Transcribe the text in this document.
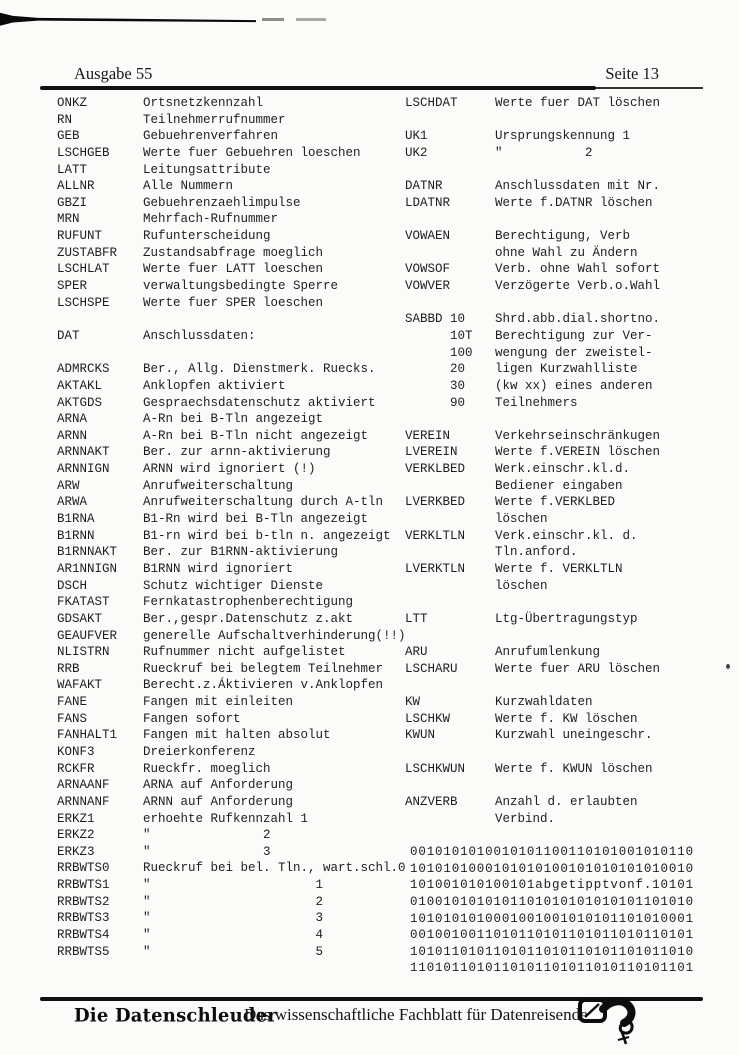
Ausgabe 55	Seite 13
ONKZ	Ortsnetzkennzahl
RN	Teilnehmerrufnummer
GEB	Gebuehrenverfahren
LSCHGEB	Werte fuer Gebuehren loeschen
LATT	Leitungsattribute
ALLNR	Alle Nummern
GBZI	Gebuehrenzaehlimpulse
MRN	Mehrfach-Rufnummer
RUFUNT	Rufunterscheidung
ZUSTABFR	Zustandsabfrage moeglich
LSCHLAT	Werte fuer LATT loeschen
SPER	verwaltungsbedingte Sperre
LSCHSPE	Werte fuer SPER loeschen
DAT	Anschlussdaten:
ADMRCKS	Ber., Allg. Dienstmerk. Ruecks.
AKTAKL	Anklopfen aktiviert
AKTGDS	Gespraechsdatenschutz aktiviert
ARNA	A-Rn bei B-Tln angezeigt
ARNN	A-Rn bei B-Tln nicht angezeigt
ARNNAKT	Ber. zur arnn-aktivierung
ARNNIGN	ARNN wird ignoriert (!)
ARW	Anrufweiterschaltung
ARWA	Anrufweiterschaltung durch A-tln
B1RNA	B1-Rn wird bei B-Tln angezeigt
B1RNN	B1-rn wird bei b-tln n. angezeigt
B1RNNAKT	Ber. zur B1RNN-aktivierung
AR1NNIGN	B1RNN wird ignoriert
DSCH	Schutz wichtiger Dienste
FKATAST	Fernkatastrophenberechtigung
GDSAKT	Ber.,gespr.Datenschutz z.akt
GEAUFVER	generelle Aufschaltverhinderung(!!)
NLISTRN	Rufnummer nicht aufgelistet
RRB	Rueckruf bei belegtem Teilnehmer
WAFAKT	Berecht.z.Áktivieren v.Anklopfen
FANE	Fangen mit einleiten
FANS	Fangen sofort
FANHALT1	Fangen mit halten absolut
KONF3	Dreierkonferenz
RCKFR	Rueckfr. moeglich
ARNAANF	ARNA auf Anforderung
ARNNANF	ARNN auf Anforderung
ERKZ1	erhoehte Rufkennzahl 1
ERKZ2	"               2
ERKZ3	"               3
RRBWTS0	Rueckruf bei bel. Tln., wart.schl.0
RRBWTS1	"                      1
RRBWTS2	"                      2
RRBWTS3	"                      3
RRBWTS4	"                      4
RRBWTS5	"                      5
LSCHDAT	Werte fuer DAT löschen
UK1	Ursprungskennung 1
UK2	"           2
DATNR	Anschlussdaten mit Nr.
LDATNR	Werte f.DATNR löschen
VOWAEN	Berechtigung, Verb
ohne Wahl zu Ändern
VOWSOF	Verb. ohne Wahl sofort
VOWVER	Verzögerte Verb.o.Wahl
SABBD 10	Shrd.abb.dial.shortno.
10T	Berechtigung zur Ver-
100	wengung der zweistel-
20	ligen Kurzwahlliste
30	(kw xx) eines anderen
90	Teilnehmers
VEREIN	Verkehrseinschränkugen
LVEREIN	Werte f.VEREIN löschen
VERKLBED	Werk.einschr.kl.d.
Bediener eingaben
LVERKBED	Werte f.VERKLBED
löschen
VERKLTLN	Verk.einschr.kl. d.
Tln.anford.
LVERKTLN	Werte f. VERKLTLN
löschen
LTT	Ltg-Übertragungstyp
ARU	Anrufumlenkung
LSCHARU	Werte fuer ARU löschen
KW	Kurzwahldaten
LSCHKW	Werte f. KW löschen
KWUN	Kurzwahl uneingeschr.
LSCHKWUN	Werte f. KWUN löschen
ANZVERB	Anzahl d. erlaubten
Verbind.
0010101010010101100110101001010110
1010101000101010100101010101010010
101001010100101abgetipptvonf.10101
0100101010101101010101010101101010
1010101010001001001010101101010001
0010010011010110101101011010110101
1010110101101011010110101101011010
1101011010110101101011010110101101
Die Datenschleuder
Das wissenschaftliche Fachblatt für Datenreisende
